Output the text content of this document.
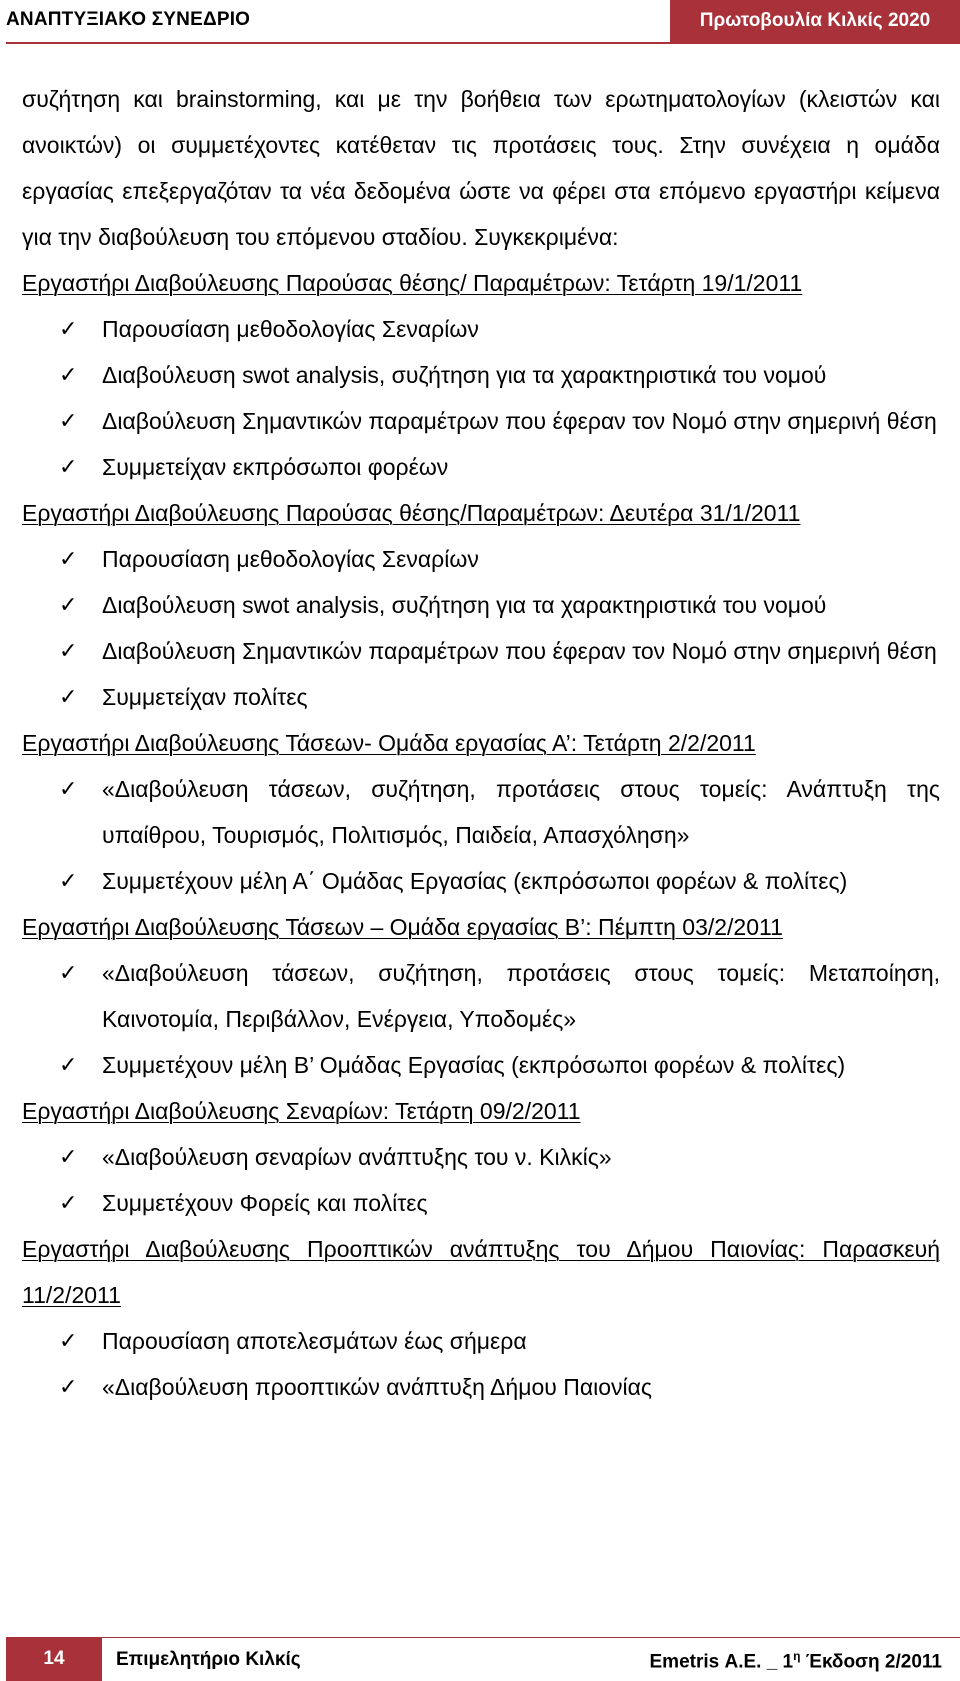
ΑΝΑΠΤΥΞΙΑΚΟ ΣΥΝΕΔΡΙΟ	Πρωτοβουλία Κιλκίς 2020
συζήτηση και brainstorming, και με την βοήθεια των ερωτηματολογίων (κλειστών και ανοικτών) οι συμμετέχοντες κατέθεταν τις προτάσεις τους. Στην συνέχεια η ομάδα εργασίας επεξεργαζόταν τα νέα δεδομένα ώστε να φέρει στα επόμενο εργαστήρι κείμενα για την διαβούλευση του επόμενου σταδίου. Συγκεκριμένα:
Εργαστήρι Διαβούλευσης Παρούσας θέσης/ Παραμέτρων: Τετάρτη 19/1/2011
✓ Παρουσίαση μεθοδολογίας Σεναρίων
✓ Διαβούλευση swot analysis, συζήτηση για τα χαρακτηριστικά του νομού
✓ Διαβούλευση Σημαντικών παραμέτρων που έφεραν τον Νομό στην σημερινή θέση
✓ Συμμετείχαν εκπρόσωποι φορέων
Εργαστήρι Διαβούλευσης Παρούσας θέσης/Παραμέτρων: Δευτέρα 31/1/2011
✓ Παρουσίαση μεθοδολογίας Σεναρίων
✓ Διαβούλευση swot analysis, συζήτηση για τα χαρακτηριστικά του νομού
✓ Διαβούλευση Σημαντικών παραμέτρων που έφεραν τον Νομό στην σημερινή θέση
✓ Συμμετείχαν πολίτες
Εργαστήρι Διαβούλευσης Τάσεων- Ομάδα εργασίας Α’: Τετάρτη 2/2/2011
✓ «Διαβούλευση τάσεων, συζήτηση, προτάσεις στους τομείς: Ανάπτυξη της υπαίθρου, Τουρισμός, Πολιτισμός, Παιδεία, Απασχόληση»
✓ Συμμετέχουν μέλη Α΄ Ομάδας Εργασίας (εκπρόσωποι φορέων & πολίτες)
Εργαστήρι Διαβούλευσης Τάσεων – Ομάδα εργασίας Β’: Πέμπτη 03/2/2011
✓ «Διαβούλευση τάσεων, συζήτηση, προτάσεις στους τομείς: Μεταποίηση, Καινοτομία, Περιβάλλον, Ενέργεια, Υποδομές»
✓ Συμμετέχουν μέλη Β’ Ομάδας Εργασίας (εκπρόσωποι φορέων & πολίτες)
Εργαστήρι Διαβούλευσης Σεναρίων: Τετάρτη 09/2/2011
✓ «Διαβούλευση σεναρίων ανάπτυξης του ν. Κιλκίς»
✓ Συμμετέχουν Φορείς και πολίτες
Εργαστήρι Διαβούλευσης Προοπτικών ανάπτυξης του Δήμου Παιονίας: Παρασκευή 11/2/2011
✓ Παρουσίαση αποτελεσμάτων έως σήμερα
✓ «Διαβούλευση προοπτικών ανάπτυξη Δήμου Παιονίας
14	Επιμελητήριο Κιλκίς	Emetris Α.Ε. _ $1^\eta$ Έκδοση 2/2011
